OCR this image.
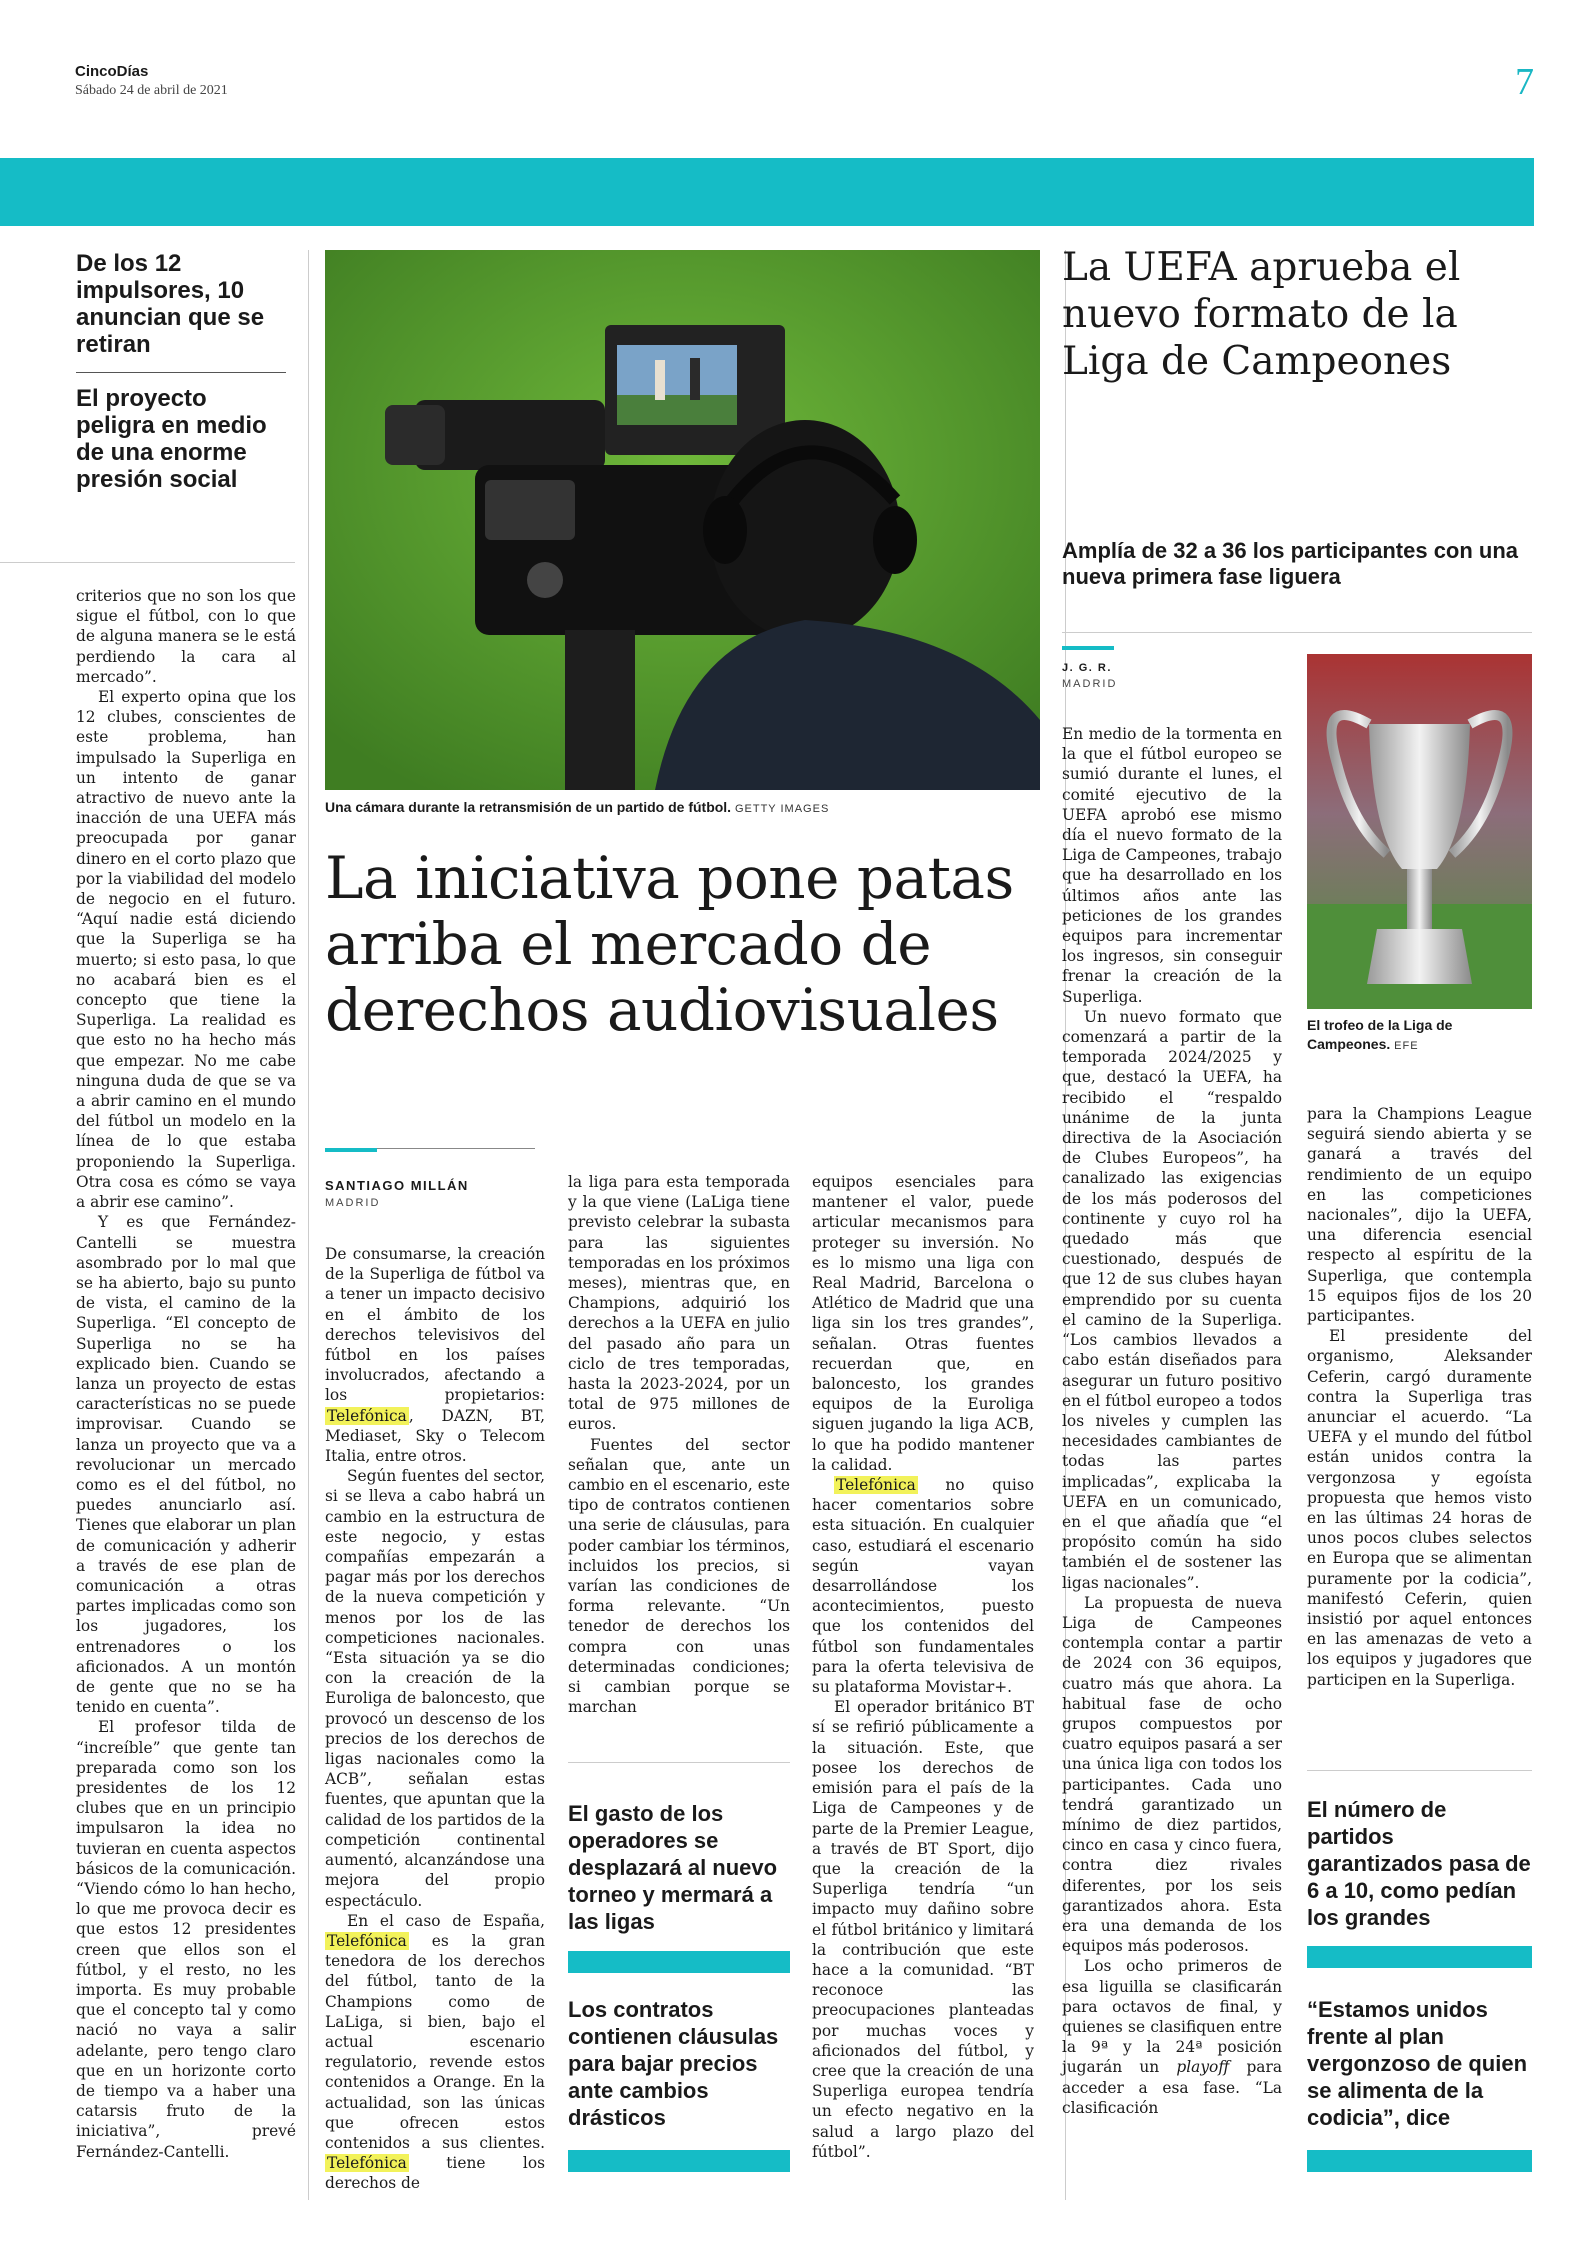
CincoDías
Sábado 24 de abril de 2021	7
De los 12 impulsores, 10 anuncian que se retiran
El proyecto peligra en medio de una enorme presión social

criterios que no son los que sigue el fútbol, con lo que de alguna manera se le está perdiendo la cara al mercado”.

El experto opina que los 12 clubes, conscientes de este problema, han impulsado la Superliga en un intento de ganar atractivo de nuevo ante la inacción de una UEFA más preocupada por ganar dinero en el corto plazo que por la viabilidad del modelo de negocio en el futuro. “Aquí nadie está diciendo que la Superliga se ha muerto; si esto pasa, lo que no acabará bien es el concepto que tiene la Superliga. La realidad es que esto no ha hecho más que empezar. No me cabe ninguna duda de que se va a abrir camino en el mundo del fútbol un modelo en la línea de lo que estaba proponiendo la Superliga. Otra cosa es cómo se vaya a abrir ese camino”.

Y es que Fernández-Cantelli se muestra asombrado por lo mal que se ha abierto, bajo su punto de vista, el camino de la Superliga. “El concepto de Superliga no se ha explicado bien. Cuando se lanza un proyecto de estas características no se puede improvisar. Cuando se lanza un proyecto que va a revolucionar un mercado como es el del fútbol, no puedes anunciarlo así. Tienes que elaborar un plan de comunicación y adherir a través de ese plan de comunicación a otras partes implicadas como son los jugadores, los entrenadores o los aficionados. A un montón de gente que no se ha tenido en cuenta”.

El profesor tilda de “increíble” que gente tan preparada como son los presidentes de los 12 clubes que en un principio impulsaron la idea no tuvieran en cuenta aspectos básicos de la comunicación. “Viendo cómo lo han hecho, lo que me provoca decir es que estos 12 presidentes creen que ellos son el fútbol, y el resto, no les importa. Es muy probable que el concepto tal y como nació no vaya a salir adelante, pero tengo claro que en un horizonte corto de tiempo va a haber una catarsis fruto de la iniciativa”, prevé Fernández-Cantelli.

Una cámara durante la retransmisión de un partido de fútbol. GETTY IMAGES
La iniciativa pone patas arriba el mercado de derechos audiovisuales
SANTIAGO MILLÁN
MADRID

De consumarse, la creación de la Superliga de fútbol va a tener un impacto decisivo en el ámbito de los derechos televisivos del fútbol en los países involucrados, afectando a los propietarios: Telefónica , DAZN, BT, Mediaset, Sky o Telecom Italia, entre otros.

Según fuentes del sector, si se lleva a cabo habrá un cambio en la estructura de este negocio, y estas compañías empezarán a pagar más por los derechos de la nueva competición y menos por los de las competiciones nacionales. “Esta situación ya se dio con la creación de la Euroliga de baloncesto, que provocó un descenso de los precios de los derechos de ligas nacionales como la ACB”, señalan estas fuentes, que apuntan que la calidad de los partidos de la competición continental aumentó, alcanzándose una mejora del propio espectáculo.

En el caso de España, Telefónica es la gran tenedora de los derechos del fútbol, tanto de la Champions como de LaLiga, si bien, bajo el actual escenario regulatorio, revende estos contenidos a Orange. En la actualidad, son las únicas que ofrecen estos contenidos a sus clientes. Telefónica tiene los derechos de

la liga para esta temporada y la que viene (LaLiga tiene previsto celebrar la subasta para las siguientes temporadas en los próximos meses), mientras que, en Champions, adquirió los derechos a la UEFA en julio del pasado año para un ciclo de tres temporadas, hasta la 2023-2024, por un total de 975 millones de euros.

Fuentes del sector señalan que, ante un cambio en el escenario, este tipo de contratos contienen una serie de cláusulas, para poder cambiar los términos, incluidos los precios, si varían las condiciones de forma relevante. “Un tenedor de derechos los compra con unas determinadas condiciones; si cambian porque se marchan

El gasto de los operadores se desplazará al nuevo torneo y mermará a las ligas
Los contratos contienen cláusulas para bajar precios ante cambios drásticos

equipos esenciales para mantener el valor, puede articular mecanismos para proteger su inversión. No es lo mismo una liga con Real Madrid, Barcelona o Atlético de Madrid que una liga sin los tres grandes”, señalan. Otras fuentes recuerdan que, en baloncesto, los grandes equipos de la Euroliga siguen jugando la liga ACB, lo que ha podido mantener la calidad.

Telefónica no quiso hacer comentarios sobre esta situación. En cualquier caso, estudiará el escenario según vayan desarrollándose los acontecimientos, puesto que los contenidos del fútbol son fundamentales para la oferta televisiva de su plataforma Movistar+.

El operador británico BT sí se refirió públicamente a la situación. Este, que posee los derechos de emisión para el país de la Liga de Campeones y de parte de la Premier League, a través de BT Sport, dijo que la creación de la Superliga tendría “un impacto muy dañino sobre el fútbol británico y limitará la contribución que este hace a la comunidad. “BT reconoce las preocupaciones planteadas por muchas voces y aficionados del fútbol, y cree que la creación de una Superliga europea tendría un efecto negativo en la salud a largo plazo del fútbol”.

La UEFA aprueba el nuevo formato de la Liga de Campeones
Amplía de 32 a 36 los participantes con una nueva primera fase liguera
J. G. R.
MADRID
El trofeo de la Liga de Campeones. EFE

En medio de la tormenta en la que el fútbol europeo se sumió durante el lunes, el comité ejecutivo de la UEFA aprobó ese mismo día el nuevo formato de la Liga de Campeones, trabajo que ha desarrollado en los últimos años ante las peticiones de los grandes equipos para incrementar los ingresos, sin conseguir frenar la creación de la Superliga.

Un nuevo formato que comenzará a partir de la temporada 2024/2025 y que, destacó la UEFA, ha recibido el “respaldo unánime de la junta directiva de la Asociación de Clubes Europeos”, ha canalizado las exigencias de los más poderosos del continente y cuyo rol ha quedado más que cuestionado, después de que 12 de sus clubes hayan emprendido por su cuenta el camino de la Superliga. “Los cambios llevados a cabo están diseñados para asegurar un futuro positivo en el fútbol europeo a todos los niveles y cumplen las necesidades cambiantes de todas las partes implicadas”, explicaba la UEFA en un comunicado, en el que añadía que “el propósito común ha sido también el de sostener las ligas nacionales”.

La propuesta de nueva Liga de Campeones contempla contar a partir de 2024 con 36 equipos, cuatro más que ahora. La habitual fase de ocho grupos compuestos por cuatro equipos pasará a ser una única liga con todos los participantes. Cada uno tendrá garantizado un mínimo de diez partidos, cinco en casa y cinco fuera, contra diez rivales diferentes, por los seis garantizados ahora. Esta era una demanda de los equipos más poderosos.

Los ocho primeros de esa liguilla se clasificarán para octavos de final, y quienes se clasifiquen entre la 9ª y la 24ª posición jugarán un playoff para acceder a esa fase. “La clasificación

para la Champions League seguirá siendo abierta y se ganará a través del rendimiento de un equipo en las competiciones nacionales”, dijo la UEFA, una diferencia esencial respecto al espíritu de la Superliga, que contempla 15 equipos fijos de los 20 participantes.

El presidente del organismo, Aleksander Ceferin, cargó duramente contra la Superliga tras anunciar el acuerdo. “La UEFA y el mundo del fútbol están unidos contra la vergonzosa y egoísta propuesta que hemos visto en las últimas 24 horas de unos pocos clubes selectos en Europa que se alimentan puramente por la codicia”, manifestó Ceferin, quien insistió por aquel entonces en las amenazas de veto a los equipos y jugadores que participen en la Superliga.

El número de partidos garantizados pasa de 6 a 10, como pedían los grandes
“Estamos unidos frente al plan vergonzoso de quien se alimenta de la codicia”, dice
